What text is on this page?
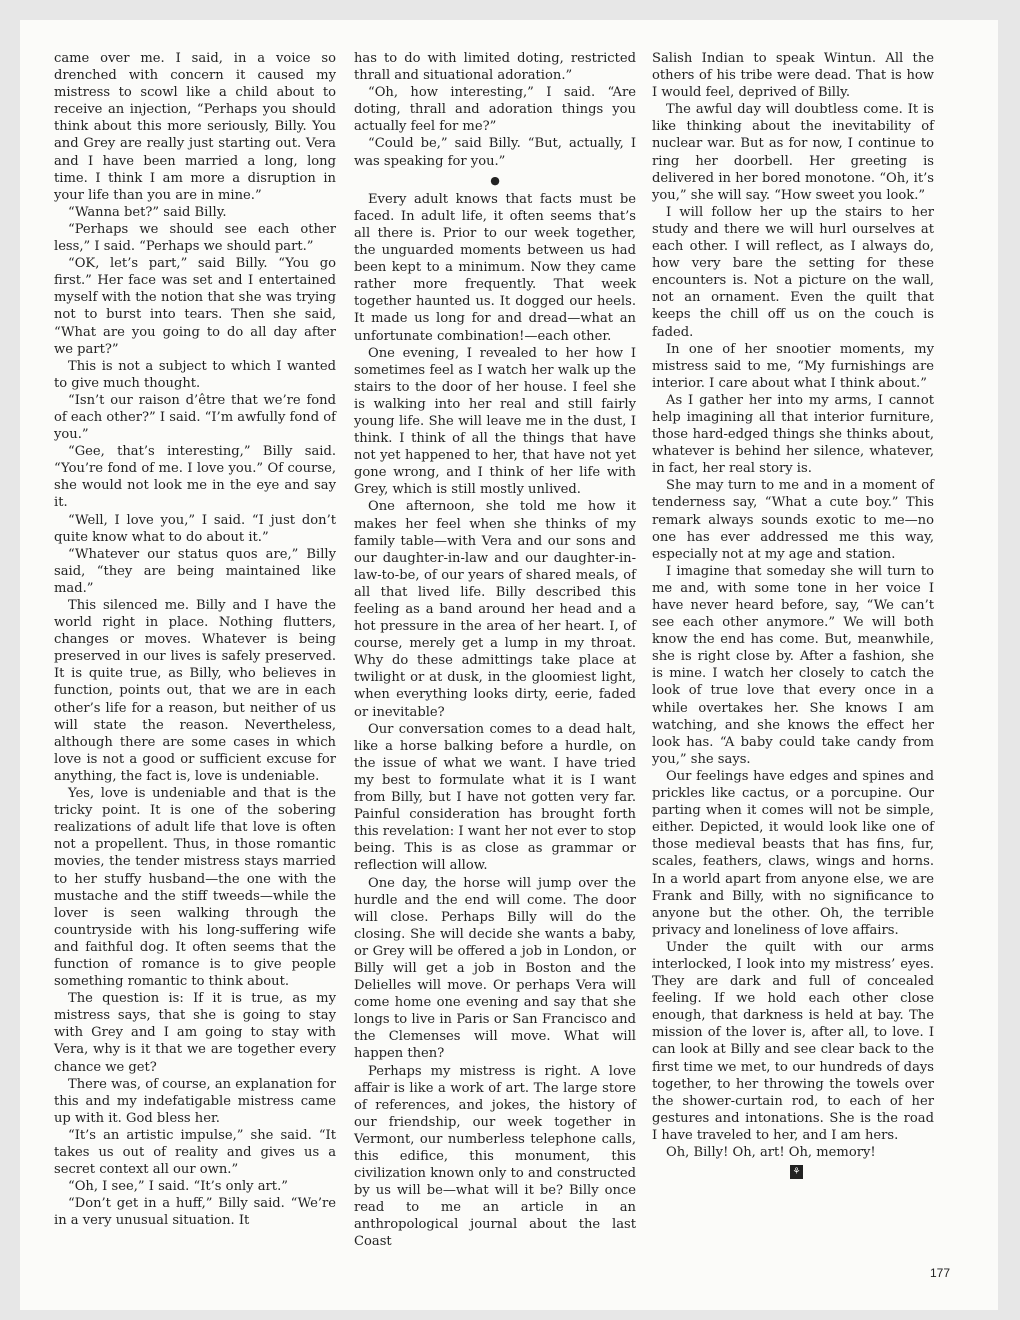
came over me. I said, in a voice so drenched with concern it caused my mistress to scowl like a child about to receive an injection, “Perhaps you should think about this more seriously, Billy. You and Grey are really just starting out. Vera and I have been married a long, long time. I think I am more a disruption in your life than you are in mine.”

“Wanna bet?” said Billy.

“Perhaps we should see each other less,” I said. “Perhaps we should part.”

“OK, let’s part,” said Billy. “You go first.” Her face was set and I entertained myself with the notion that she was trying not to burst into tears. Then she said, “What are you going to do all day after we part?”

This is not a subject to which I wanted to give much thought.

“Isn’t our raison d’être that we’re fond of each other?” I said. “I’m awfully fond of you.”

“Gee, that’s interesting,” Billy said. “You’re fond of me. I love you.” Of course, she would not look me in the eye and say it.

“Well, I love you,” I said. “I just don’t quite know what to do about it.”

“Whatever our status quos are,” Billy said, “they are being maintained like mad.”

This silenced me. Billy and I have the world right in place. Nothing flutters, changes or moves. Whatever is being preserved in our lives is safely preserved. It is quite true, as Billy, who believes in function, points out, that we are in each other’s life for a reason, but neither of us will state the reason. Nevertheless, although there are some cases in which love is not a good or sufficient excuse for anything, the fact is, love is undeniable.

Yes, love is undeniable and that is the tricky point. It is one of the sobering realizations of adult life that love is often not a propellent. Thus, in those romantic movies, the tender mistress stays married to her stuffy husband—the one with the mustache and the stiff tweeds—while the lover is seen walking through the countryside with his long-suffering wife and faithful dog. It often seems that the function of romance is to give people something romantic to think about.

The question is: If it is true, as my mistress says, that she is going to stay with Grey and I am going to stay with Vera, why is it that we are together every chance we get?

There was, of course, an explanation for this and my indefatigable mistress came up with it. God bless her.

“It’s an artistic impulse,” she said. “It takes us out of reality and gives us a secret context all our own.”

“Oh, I see,” I said. “It’s only art.”

“Don’t get in a huff,” Billy said. “We’re in a very unusual situation. It

has to do with limited doting, restricted thrall and situational adoration.”

“Oh, how interesting,” I said. “Are doting, thrall and adoration things you actually feel for me?”

“Could be,” said Billy. “But, actually, I was speaking for you.”

●

Every adult knows that facts must be faced. In adult life, it often seems that’s all there is. Prior to our week together, the unguarded moments between us had been kept to a minimum. Now they came rather more frequently. That week together haunted us. It dogged our heels. It made us long for and dread—what an unfortunate combination!—each other.

One evening, I revealed to her how I sometimes feel as I watch her walk up the stairs to the door of her house. I feel she is walking into her real and still fairly young life. She will leave me in the dust, I think. I think of all the things that have not yet happened to her, that have not yet gone wrong, and I think of her life with Grey, which is still mostly unlived.

One afternoon, she told me how it makes her feel when she thinks of my family table—with Vera and our sons and our daughter-in-law and our daughter-in-law-to-be, of our years of shared meals, of all that lived life. Billy described this feeling as a band around her head and a hot pressure in the area of her heart. I, of course, merely get a lump in my throat. Why do these admittings take place at twilight or at dusk, in the gloomiest light, when everything looks dirty, eerie, faded or inevitable?

Our conversation comes to a dead halt, like a horse balking before a hurdle, on the issue of what we want. I have tried my best to formulate what it is I want from Billy, but I have not gotten very far. Painful consideration has brought forth this revelation: I want her not ever to stop being. This is as close as grammar or reflection will allow.

One day, the horse will jump over the hurdle and the end will come. The door will close. Perhaps Billy will do the closing. She will decide she wants a baby, or Grey will be offered a job in London, or Billy will get a job in Boston and the Delielles will move. Or perhaps Vera will come home one evening and say that she longs to live in Paris or San Francisco and the Clemenses will move. What will happen then?

Perhaps my mistress is right. A love affair is like a work of art. The large store of references, and jokes, the history of our friendship, our week together in Vermont, our numberless telephone calls, this edifice, this monument, this civilization known only to and constructed by us will be—what will it be? Billy once read to me an article in an anthropological journal about the last Coast

Salish Indian to speak Wintun. All the others of his tribe were dead. That is how I would feel, deprived of Billy.

The awful day will doubtless come. It is like thinking about the inevitability of nuclear war. But as for now, I continue to ring her doorbell. Her greeting is delivered in her bored monotone. “Oh, it’s you,” she will say. “How sweet you look.”

I will follow her up the stairs to her study and there we will hurl ourselves at each other. I will reflect, as I always do, how very bare the setting for these encounters is. Not a picture on the wall, not an ornament. Even the quilt that keeps the chill off us on the couch is faded.

In one of her snootier moments, my mistress said to me, “My furnishings are interior. I care about what I think about.”

As I gather her into my arms, I cannot help imagining all that interior furniture, those hard-edged things she thinks about, whatever is behind her silence, whatever, in fact, her real story is.

She may turn to me and in a moment of tenderness say, “What a cute boy.” This remark always sounds exotic to me—no one has ever addressed me this way, especially not at my age and station.

I imagine that someday she will turn to me and, with some tone in her voice I have never heard before, say, “We can’t see each other anymore.” We will both know the end has come. But, meanwhile, she is right close by. After a fashion, she is mine. I watch her closely to catch the look of true love that every once in a while overtakes her. She knows I am watching, and she knows the effect her look has. “A baby could take candy from you,” she says.

Our feelings have edges and spines and prickles like cactus, or a porcupine. Our parting when it comes will not be simple, either. Depicted, it would look like one of those medieval beasts that has fins, fur, scales, feathers, claws, wings and horns. In a world apart from anyone else, we are Frank and Billy, with no significance to anyone but the other. Oh, the terrible privacy and loneliness of love affairs.

Under the quilt with our arms interlocked, I look into my mistress’ eyes. They are dark and full of concealed feeling. If we hold each other close enough, that darkness is held at bay. The mission of the lover is, after all, to love. I can look at Billy and see clear back to the first time we met, to our hundreds of days together, to her throwing the towels over the shower-curtain rod, to each of her gestures and intonations. She is the road I have traveled to her, and I am hers.

Oh, Billy! Oh, art! Oh, memory!

⚘
177
